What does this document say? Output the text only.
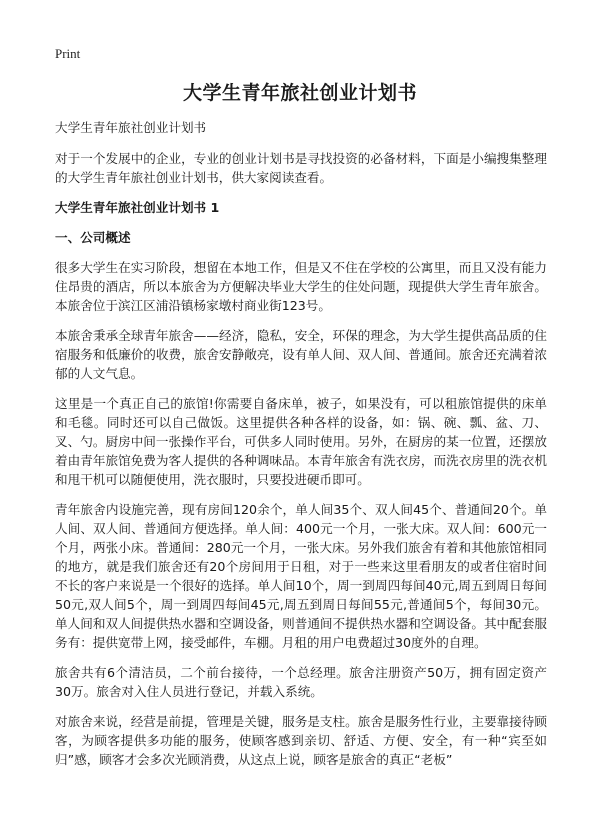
Print
大学生青年旅社创业计划书

大学生青年旅社创业计划书

对于一个发展中的企业，专业的创业计划书是寻找投资的必备材料，下面是小编搜集整理的大学生青年旅社创业计划书，供大家阅读查看。

大学生青年旅社创业计划书 1
一、公司概述

很多大学生在实习阶段，想留在本地工作，但是又不住在学校的公寓里，而且又没有能力住昂贵的酒店，所以本旅舍为方便解决毕业大学生的住处问题，现提供大学生青年旅舍。本旅舍位于滨江区浦沿镇杨家墩村商业街123号。

本旅舍秉承全球青年旅舍——经济，隐私，安全，环保的理念，为大学生提供高品质的住宿服务和低廉价的收费，旅舍安静敞亮，设有单人间、双人间、普通间。旅舍还充满着浓郁的人文气息。

这里是一个真正自己的旅馆!你需要自备床单，被子，如果没有，可以租旅馆提供的床单和毛毯。同时还可以自己做饭。这里提供各种各样的设备，如：锅、碗、瓢、盆、刀、叉、勺。厨房中间一张操作平台，可供多人同时使用。另外，在厨房的某一位置，还摆放着由青年旅馆免费为客人提供的各种调味品。本青年旅舍有洗衣房，而洗衣房里的洗衣机和甩干机可以随便使用，洗衣服时，只要投进硬币即可。

青年旅舍内设施完善，现有房间120余个，单人间35个、双人间45个、普通间20个。单人间、双人间、普通间方便选择。单人间：400元一个月，一张大床。双人间：600元一个月，两张小床。普通间：280元一个月，一张大床。另外我们旅舍有着和其他旅馆相同的地方，就是我们旅舍还有20个房间用于日租，对于一些来这里看朋友的或者住宿时间不长的客户来说是一个很好的选择。单人间10个，周一到周四每间40元,周五到周日每间50元,双人间5个，周一到周四每间45元,周五到周日每间55元,普通间5个，每间30元。单人间和双人间提供热水器和空调设备，则普通间不提供热水器和空调设备。其中配套服务有：提供宽带上网，接受邮件，车棚。月租的用户电费超过30度外的自理。

旅舍共有6个清洁员，二个前台接待，一个总经理。旅舍注册资产50万，拥有固定资产30万。旅舍对入住人员进行登记，并载入系统。

对旅舍来说，经营是前提，管理是关键，服务是支柱。旅舍是服务性行业，主要靠接待顾客，为顾客提供多功能的服务，使顾客感到亲切、舒适、方便、安全，有一种“宾至如归”感，顾客才会多次光顾消费，从这点上说，顾客是旅舍的真正“老板”
